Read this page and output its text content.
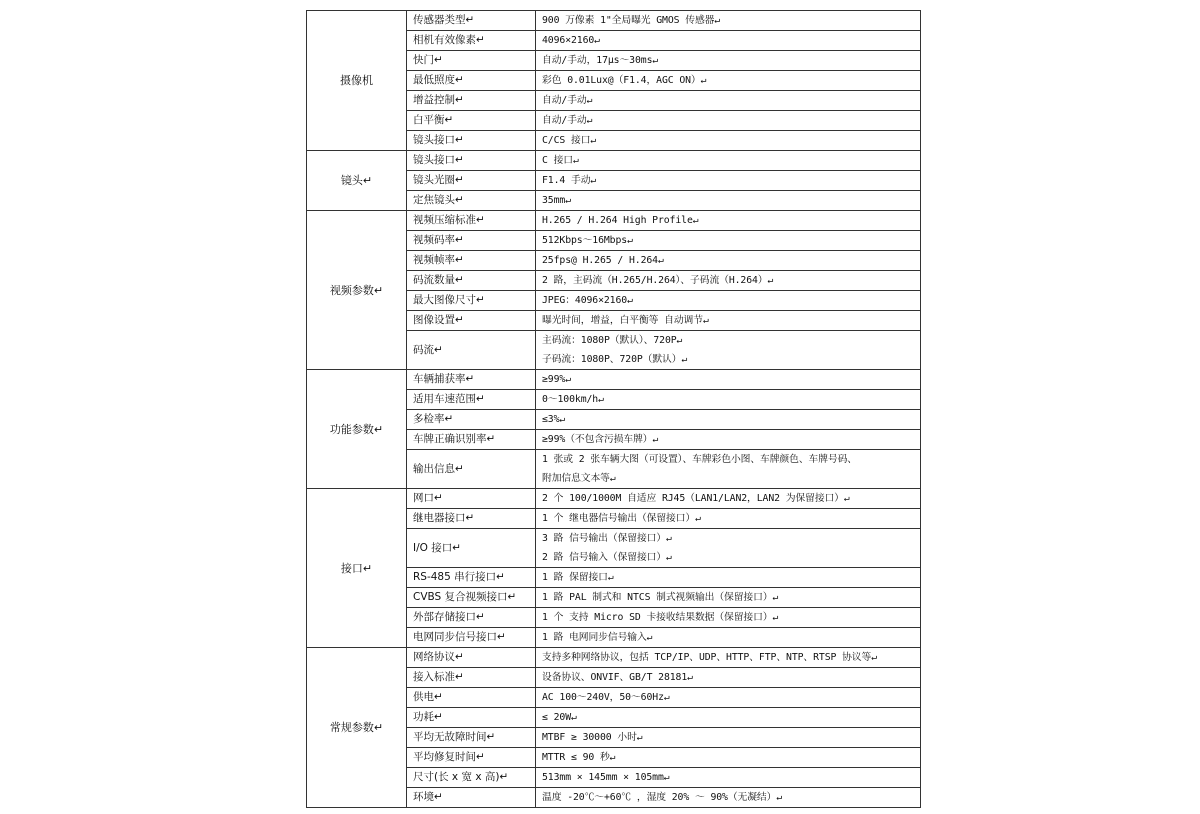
摄像机	传感器类型↵	900 万像素 1"全局曝光 GMOS 传感器↵

	相机有效像素↵	4096×2160↵

	快门↵	自动/手动，17μs～30ms↵

	最低照度↵	彩色 0.01Lux@（F1.4，AGC ON）↵

	增益控制↵	自动/手动↵

	白平衡↵	自动/手动↵

	镜头接口↵	C/CS 接口↵

镜头↵	镜头接口↵	C 接口↵

	镜头光圈↵	F1.4 手动↵

	定焦镜头↵	35mm↵

视频参数↵	视频压缩标准↵	H.265 / H.264 High Profile↵

	视频码率↵	512Kbps～16Mbps↵

	视频帧率↵	25fps@ H.265 / H.264↵

	码流数量↵	2 路，主码流（H.265/H.264）、子码流（H.264）↵

	最大图像尺寸↵	JPEG：4096×2160↵

	图像设置↵	曝光时间，增益，白平衡等 自动调节↵

	码流↵	主码流：1080P（默认）、720P↵
子码流：1080P、720P（默认）↵

功能参数↵	车辆捕获率↵	≥99%↵

	适用车速范围↵	0～100km/h↵

	多检率↵	≤3%↵

	车牌正确识别率↵	≥99%（不包含污损车牌）↵

	输出信息↵	1 张或 2 张车辆大图（可设置）、车牌彩色小图、车牌颜色、车牌号码、
附加信息文本等↵

接口↵	网口↵	2 个 100/1000M 自适应 RJ45（LAN1/LAN2，LAN2 为保留接口）↵

	继电器接口↵	1 个 继电器信号输出（保留接口）↵

	I/O 接口↵	3 路 信号输出（保留接口）↵
2 路 信号输入（保留接口）↵

	RS-485 串行接口↵	1 路 保留接口↵

	CVBS 复合视频接口↵	1 路 PAL 制式和 NTCS 制式视频输出（保留接口）↵

	外部存储接口↵	1 个 支持 Micro SD 卡接收结果数据（保留接口）↵

	电网同步信号接口↵	1 路 电网同步信号输入↵

常规参数↵	网络协议↵	支持多种网络协议，包括 TCP/IP、UDP、HTTP、FTP、NTP、RTSP 协议等↵

	接入标准↵	设备协议、ONVIF、GB/T 28181↵

	供电↵	AC 100～240V，50～60Hz↵

	功耗↵	≤ 20W↵

	平均无故障时间↵	MTBF ≥ 30000 小时↵

	平均修复时间↵	MTTR ≤ 90 秒↵

	尺寸(长 x 宽 x 高)↵	513mm × 145mm × 105mm↵

	环境↵	温度 -20℃～+60℃ ，湿度 20% ～ 90%（无凝结）↵
